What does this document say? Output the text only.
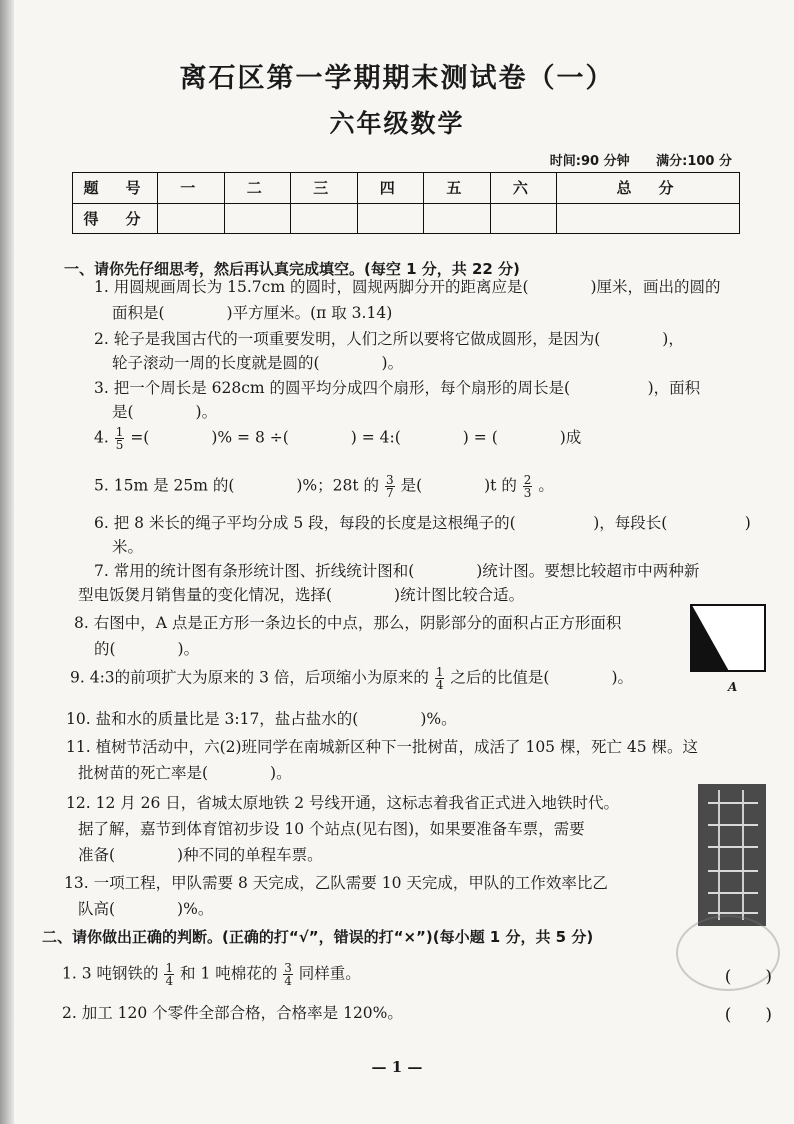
离石区第一学期期末测试卷（一）
六年级数学
时间:90 分钟 满分:100 分
题　号	一	二	三	四	五	六	总　分
得　分							
一、请你先仔细思考，然后再认真完成填空。(每空 1 分，共 22 分)
1. 用圆规画周长为 15.7cm 的圆时，圆规两脚分开的距离应是(　　　　)厘米，画出的圆的
面积是(　　　　)平方厘米。(π 取 3.14)
2. 轮子是我国古代的一项重要发明，人们之所以要将它做成圆形，是因为(　　　　)，
轮子滚动一周的长度就是圆的(　　　　)。
3. 把一个周长是 628cm 的圆平均分成四个扇形，每个扇形的周长是(　　　　　)，面积
是(　　　　)。
4. $\frac{1}{5}$ =(　　　　)% = 8 ÷(　　　　) = 4:(　　　　) = (　　　　)成
5. 15m 是 25m 的(　　　　)%；28t 的 $\frac{3}{7}$ 是(　　　　)t 的 $\frac{2}{3}$ 。
6. 把 8 米长的绳子平均分成 5 段，每段的长度是这根绳子的(　　　　　)，每段长(　　　　　)
米。
7. 常用的统计图有条形统计图、折线统计图和(　　　　)统计图。要想比较超市中两种新
型电饭煲月销售量的变化情况，选择(　　　　)统计图比较合适。
8. 右图中，A 点是正方形一条边长的中点，那么，阴影部分的面积占正方形面积
的(　　　　)。
A
9. 4:3的前项扩大为原来的 3 倍，后项缩小为原来的 $\frac{1}{4}$ 之后的比值是(　　　　)。
10. 盐和水的质量比是 3:17，盐占盐水的(　　　　)%。
11. 植树节活动中，六(2)班同学在南城新区种下一批树苗，成活了 105 棵，死亡 45 棵。这
批树苗的死亡率是(　　　　)。
12. 12 月 26 日，省城太原地铁 2 号线开通，这标志着我省正式进入地铁时代。
据了解，嘉节到体育馆初步设 10 个站点(见右图)，如果要准备车票，需要
准备(　　　　)种不同的单程车票。
13. 一项工程，甲队需要 8 天完成，乙队需要 10 天完成，甲队的工作效率比乙
队高(　　　　)%。
二、请你做出正确的判断。(正确的打“√”，错误的打“×”)(每小题 1 分，共 5 分)
1. 3 吨钢铁的 $\frac{1}{4}$ 和 1 吨棉花的 $\frac{3}{4}$ 同样重。	(　　)
2. 加工 120 个零件全部合格，合格率是 120%。	(　　)
— 1 —
